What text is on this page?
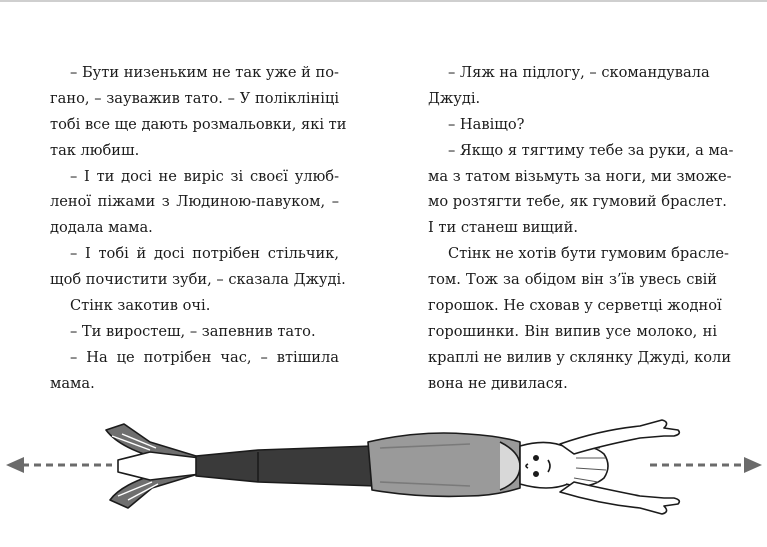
– Бути низеньким не так уже й по-
гано, – зауважив тато. – У поліклініці
тобі все ще дають розмальовки, які ти
так любиш.
– І ти досі не виріс зі своєї улюб-
леної піжами з Людиною-павуком, –
додала мама.
– І тобі й досі потрібен стільчик,
щоб почистити зуби, – сказала Джуді.
Стінк закотив очі.
– Ти виростеш, – запевнив тато.
– На це потрібен час, – втішила
мама.
– Ляж на підлогу, – скомандувала
Джуді.
– Навіщо?
– Якщо я тягтиму тебе за руки, а ма-
ма з татом візьмуть за ноги, ми зможе-
мо розтягти тебе, як гумовий браслет.
І ти станеш вищий.
Стінк не хотів бути гумовим брасле-
том. Тож за обідом він з’їв увесь свій
горошок. Не сховав у серветці жодної
горошинки. Він випив усе молоко, ні
краплі не вилив у склянку Джуді, коли
вона не дивилася.
